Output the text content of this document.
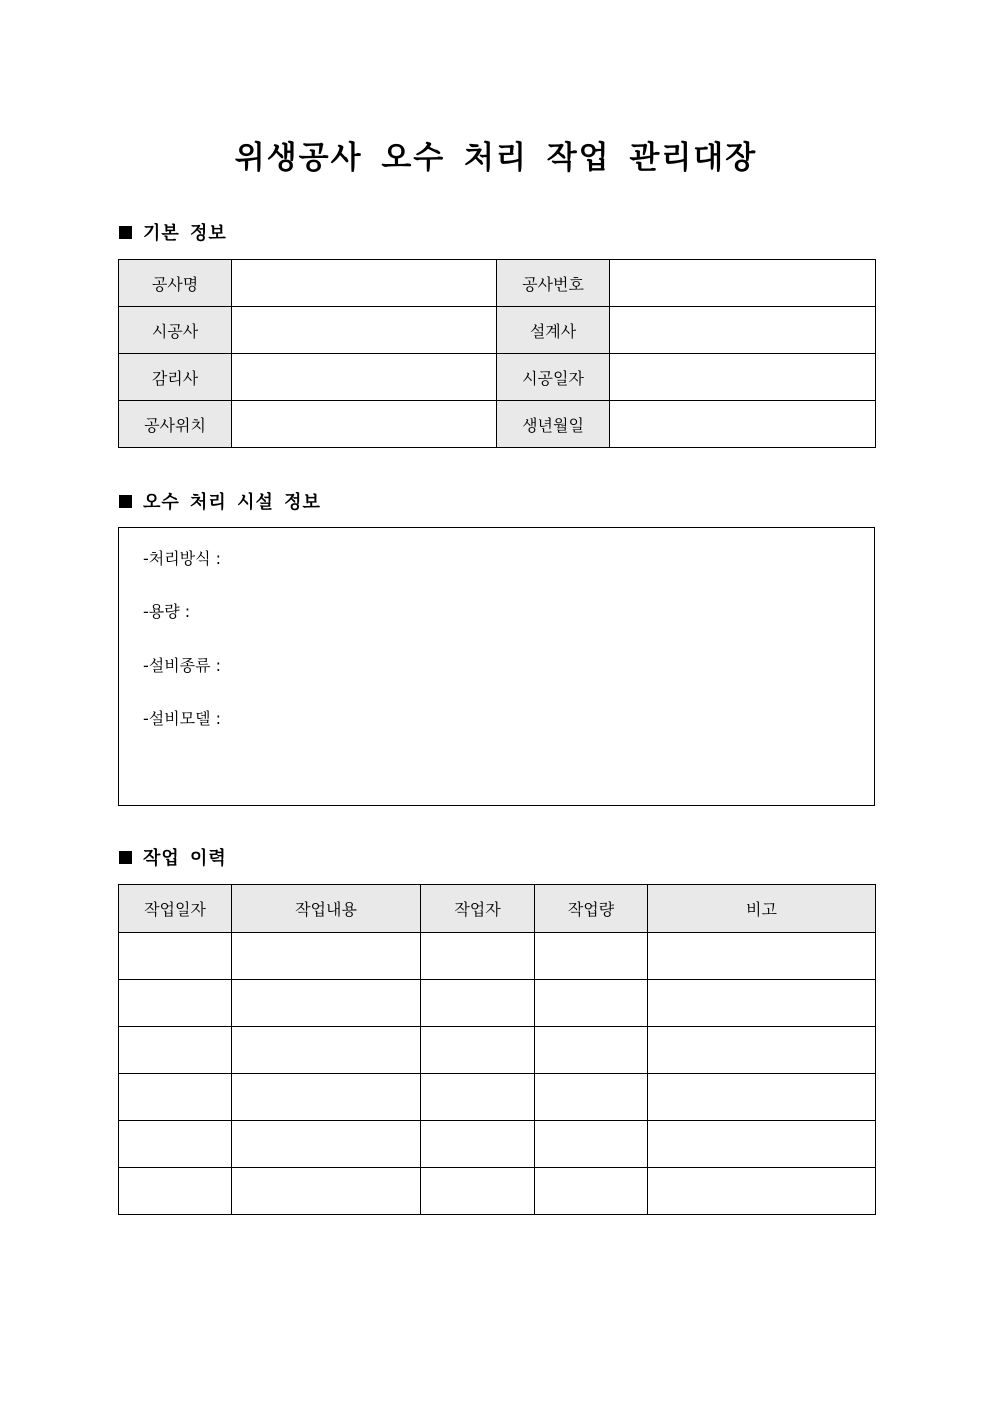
위생공사 오수 처리 작업 관리대장
기본 정보
공사명		공사번호	
시공사		설계사	
감리사		시공일자	
공사위치		생년월일	
오수 처리 시설 정보
-처리방식 :
-용량 :
-설비종류 :
-설비모델 :
작업 이력
작업일자	작업내용	작업자	작업량	비고
